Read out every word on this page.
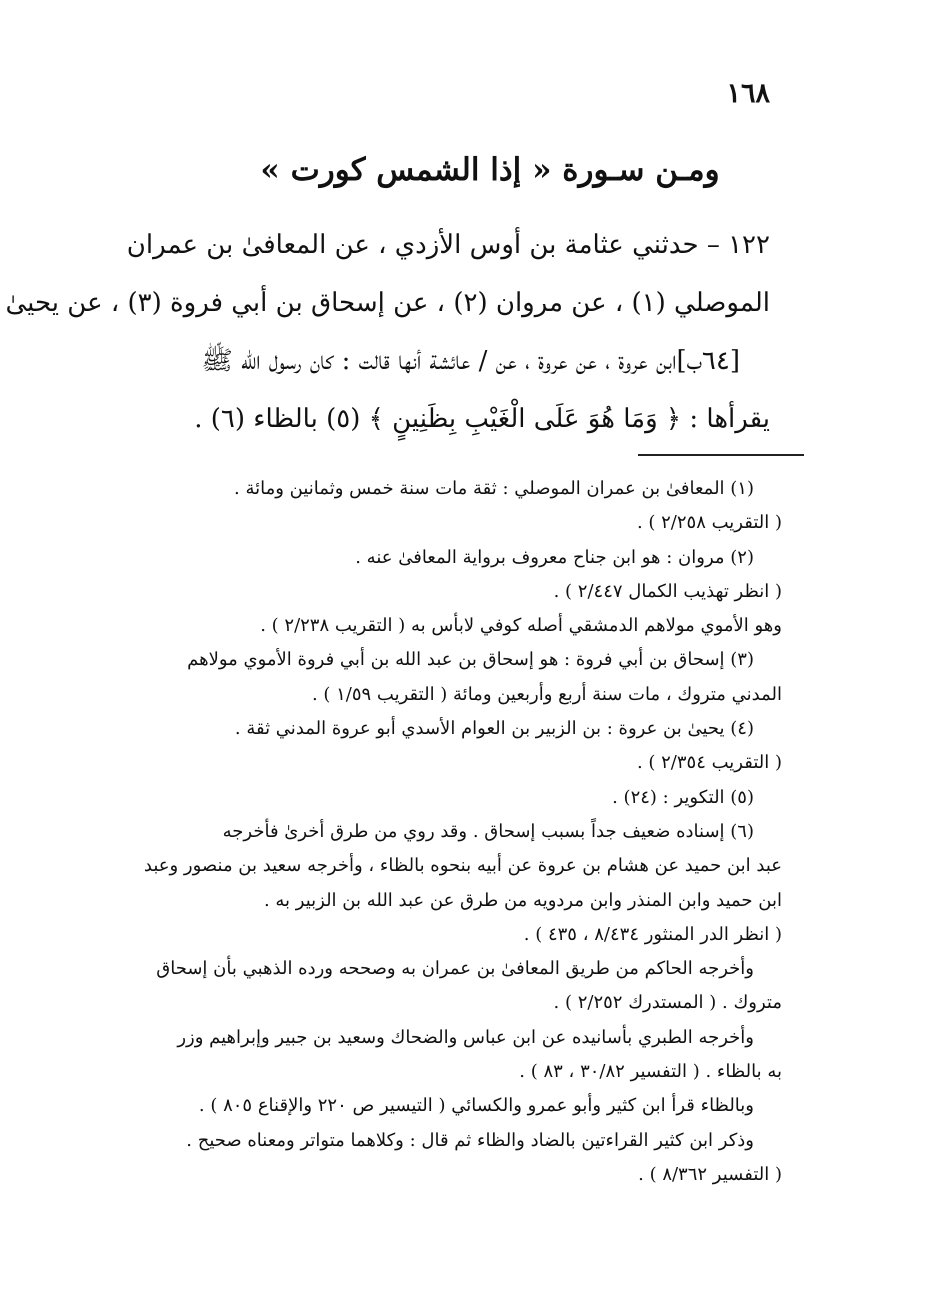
١٦٨
ومـن سـورة « إذا الشمس كورت »
١٢٢ – حدثني عثامة بن أوس الأزدي ، عن المعافىٰ بن عمران
الموصلي (١) ، عن مروان (٢) ، عن إسحاق بن أبي فروة (٣) ، عن يحيىٰ
[٦٤ب]ابن عروة ، عن عروة ، عن / عائشة أنها قالت : كان رسول الله ﷺ
يقرأها : ﴿ وَمَا هُوَ عَلَى الْغَيْبِ بِظَنِينٍ ﴾ (٥) بالظاء (٦) .
(١) المعافىٰ بن عمران الموصلي : ثقة مات سنة خمس وثمانين ومائة .
( التقريب ٢/٢٥٨ ) .
(٢) مروان : هو ابن جناح معروف برواية المعافىٰ عنه .
( انظر تهذيب الكمال ٢/٤٤٧ ) .
وهو الأموي مولاهم الدمشقي أصله كوفي لابأس به ( التقريب ٢/٢٣٨ ) .
(٣) إسحاق بن أبي فروة : هو إسحاق بن عبد الله بن أبي فروة الأموي مولاهم
المدني متروك ، مات سنة أربع وأربعين ومائة ( التقريب ١/٥٩ ) .
(٤) يحيىٰ بن عروة : بن الزبير بن العوام الأسدي أبو عروة المدني ثقة .
( التقريب ٢/٣٥٤ ) .
(٥) التكوير : (٢٤) .
(٦) إسناده ضعيف جداً بسبب إسحاق . وقد روي من طرق أخرىٰ فأخرجه
عبد ابن حميد عن هشام بن عروة عن أبيه بنحوه بالظاء ، وأخرجه سعيد بن منصور وعبد
ابن حميد وابن المنذر وابن مردويه من طرق عن عبد الله بن الزبير به .
( انظر الدر المنثور ٨/٤٣٤ ، ٤٣٥ ) .
وأخرجه الحاكم من طريق المعافىٰ بن عمران به وصححه ورده الذهبي بأن إسحاق
متروك . ( المستدرك ٢/٢٥٢ ) .
وأخرجه الطبري بأسانيده عن ابن عباس والضحاك وسعيد بن جبير وإبراهيم وزر
به بالظاء . ( التفسير ٣٠/٨٢ ، ٨٣ ) .
وبالظاء قرأ ابن كثير وأبو عمرو والكسائي ( التيسير ص ٢٢٠ والإقناع ٨٠٥ ) .
وذكر ابن كثير القراءتين بالضاد والظاء ثم قال : وكلاهما متواتر ومعناه صحيح .
( التفسير ٨/٣٦٢ ) .
